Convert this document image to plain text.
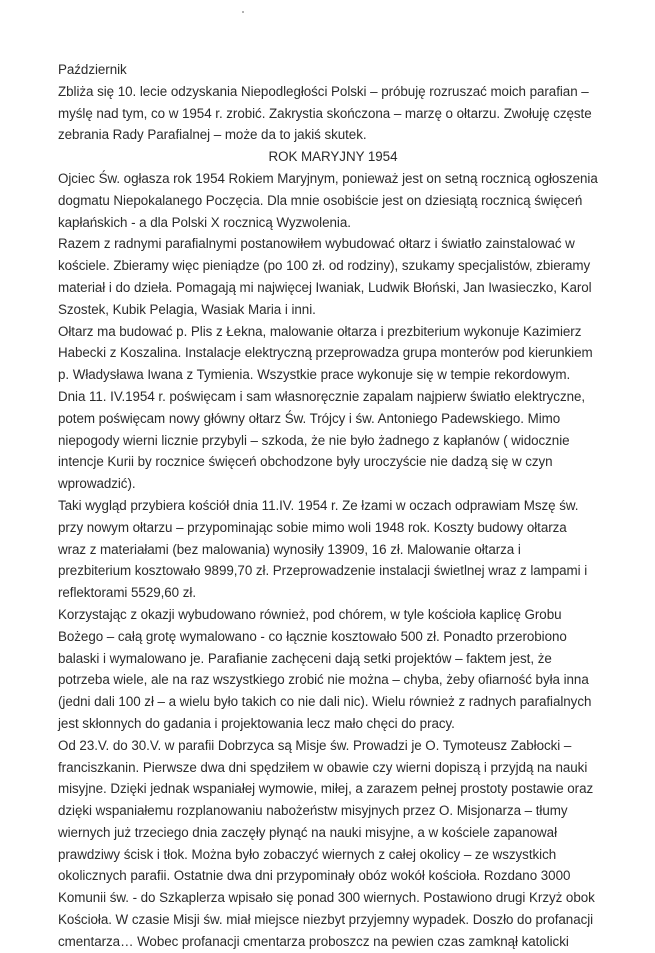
Październik
Zbliża się 10. lecie odzyskania Niepodległości Polski – próbuję rozruszać moich parafian –
myślę nad tym, co w 1954 r. zrobić. Zakrystia skończona – marzę o ołtarzu. Zwołuję częste
zebrania Rady Parafialnej – może da to jakiś skutek.
ROK MARYJNY 1954
Ojciec Św. ogłasza rok 1954 Rokiem Maryjnym, ponieważ jest on setną rocznicą ogłoszenia
dogmatu Niepokalanego Poczęcia. Dla mnie osobiście jest on dziesiątą rocznicą święceń
kapłańskich - a dla Polski X rocznicą Wyzwolenia.
Razem z radnymi parafialnymi postanowiłem wybudować ołtarz i światło zainstalować w
kościele. Zbieramy więc pieniądze (po 100 zł. od rodziny), szukamy specjalistów, zbieramy
materiał i do dzieła. Pomagają mi najwięcej Iwaniak, Ludwik Błoński, Jan Iwasieczko, Karol
Szostek, Kubik Pelagia, Wasiak Maria i inni.
Ołtarz ma budować p. Plis z Łekna, malowanie ołtarza i prezbiterium wykonuje Kazimierz
Habecki z Koszalina. Instalacje elektryczną przeprowadza grupa monterów pod kierunkiem
p. Władysława Iwana z Tymienia. Wszystkie prace wykonuje się w tempie rekordowym.
Dnia 11. IV.1954 r. poświęcam i sam własnoręcznie zapalam najpierw światło elektryczne,
potem poświęcam nowy główny ołtarz Św. Trójcy i św. Antoniego Padewskiego. Mimo
niepogody wierni licznie przybyli – szkoda, że nie było żadnego z kapłanów ( widocznie
intencje Kurii by rocznice święceń obchodzone były uroczyście nie dadzą się w czyn
wprowadzić).
Taki wygląd przybiera kościół dnia 11.IV. 1954 r. Ze łzami w oczach odprawiam Mszę św.
przy nowym ołtarzu – przypominając sobie mimo woli 1948 rok. Koszty budowy ołtarza
wraz z materiałami (bez malowania) wynosiły 13909, 16 zł. Malowanie ołtarza i
prezbiterium kosztowało 9899,70 zł. Przeprowadzenie instalacji świetlnej wraz z lampami i
reflektorami 5529,60 zł.
Korzystając z okazji wybudowano również, pod chórem, w tyle kościoła kaplicę Grobu
Bożego – całą grotę wymalowano - co łącznie kosztowało 500 zł. Ponadto przerobiono
balaski i wymalowano je. Parafianie zachęceni dają setki projektów – faktem jest, że
potrzeba wiele, ale na raz wszystkiego zrobić nie można – chyba, żeby ofiarność była inna
(jedni dali 100 zł – a wielu było takich co nie dali nic). Wielu również z radnych parafialnych
jest skłonnych do gadania i projektowania lecz mało chęci do pracy.
Od 23.V. do 30.V. w parafii Dobrzyca są Misje św. Prowadzi je O. Tymoteusz Zabłocki –
franciszkanin. Pierwsze dwa dni spędziłem w obawie czy wierni dopiszą i przyjdą na nauki
misyjne. Dzięki jednak wspaniałej wymowie, miłej, a zarazem pełnej prostoty postawie oraz
dzięki wspaniałemu rozplanowaniu nabożeństw misyjnych przez O. Misjonarza – tłumy
wiernych już trzeciego dnia zaczęły płynąć na nauki misyjne, a w kościele zapanował
prawdziwy ścisk i tłok. Można było zobaczyć wiernych z całej okolicy – ze wszystkich
okolicznych parafii. Ostatnie dwa dni przypominały obóz wokół kościoła. Rozdano 3000
Komunii św. - do Szkaplerza wpisało się ponad 300 wiernych. Postawiono drugi Krzyż obok
Kościoła. W czasie Misji św. miał miejsce niezbyt przyjemny wypadek. Doszło do profanacji
cmentarza… Wobec profanacji cmentarza proboszcz na pewien czas zamknął katolicki
